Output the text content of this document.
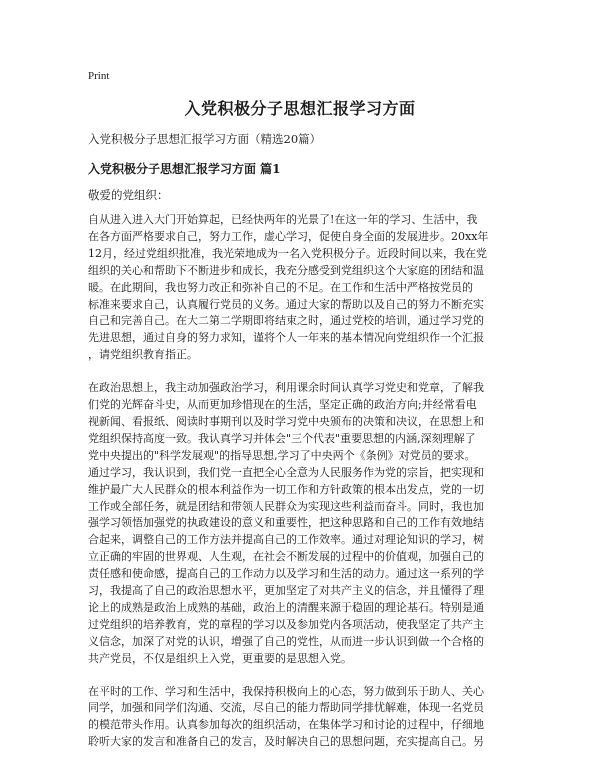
Print
入党积极分子思想汇报学习方面
入党积极分子思想汇报学习方面（精选20篇）
入党积极分子思想汇报学习方面 篇1
敬爱的党组织：
自从进入进入大门开始算起，已经快两年的光景了!在这一年的学习、生活中，我
在各方面严格要求自己，努力工作，虚心学习，促使自身全面的发展进步。20xx年
12月，经过党组织批准，我光荣地成为一名入党积极分子。近段时间以来，我在党
组织的关心和帮助下不断进步和成长，我充分感受到党组织这个大家庭的团结和温
暖。在此期间，我也努力改正和弥补自己的不足。在工作和生活中严格按党员的
标准来要求自己，认真履行党员的义务。通过大家的帮助以及自己的努力不断充实
自己和完善自己。在大二第二学期即将结束之时，通过党校的培训，通过学习党的
先进思想，通过自身的努力求知，谨将个人一年来的基本情况向党组织作一个汇报
，请党组织教育指正。
在政治思想上，我主动加强政治学习，利用课余时间认真学习党史和党章，了解我
们党的光辉奋斗史，从而更加珍惜现在的生活，坚定正确的政治方向;并经常看电
视新闻、看报纸、阅读时事期刊以及时学习党中央颁布的决策和决议，在思想上和
党组织保持高度一致。我认真学习并体会"三个代表"重要思想的内涵,深刻理解了
党中央提出的"科学发展观"的指导思想,学习了中央两个《条例》对党员的要求。
通过学习，我认识到，我们党一直把全心全意为人民服务作为党的宗旨，把实现和
维护最广大人民群众的根本利益作为一切工作和方针政策的根本出发点，党的一切
工作或全部任务，就是团结和带领人民群众为实现这些利益而奋斗。同时，我也加
强学习领悟加强党的执政建设的意义和重要性，把这种思路和自己的工作有效地结
合起来，调整自己的工作方法并提高自己的工作效率。通过对理论知识的学习，树
立正确的牢固的世界观、人生观，在社会不断发展的过程中的价值观，加强自己的
责任感和使命感，提高自己的工作动力以及学习和生活的动力。通过这一系列的学
习，我提高了自己的政治思想水平，更加坚定了对共产主义的信念，并且懂得了理
论上的成熟是政治上成熟的基础，政治上的清醒来源于稳固的理论基石。特别是通
过党组织的培养教育，党的章程的学习以及参加党内各项活动，使我坚定了共产主
义信念，加深了对党的认识，增强了自己的党性，从而进一步认识到做一个合格的
共产党员，不仅是组织上入党，更重要的是思想入党。
在平时的工作、学习和生活中，我保持积极向上的心态，努力做到乐于助人、关心
同学，加强和同学们沟通、交流，尽自己的能力帮助同学排忧解难，体现一名党员
的模范带头作用。认真参加每次的组织活动，在集体学习和讨论的过程中，仔细地
聆听大家的发言和准备自己的发言，及时解决自己的思想问题，充实提高自己。另
